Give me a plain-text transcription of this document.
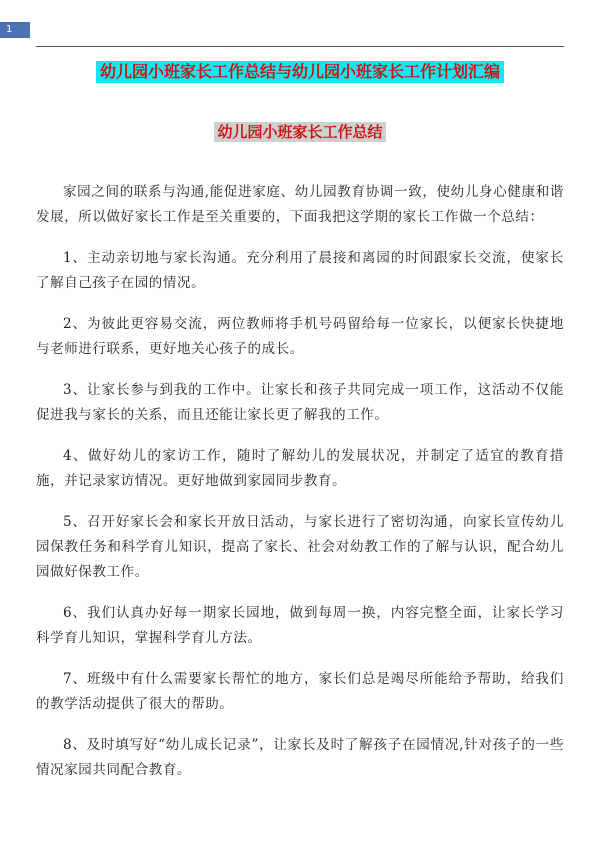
1
幼儿园小班家长工作总结与幼儿园小班家长工作计划汇编
幼儿园小班家长工作总结

家园之间的联系与沟通,能促进家庭、幼儿园教育协调一致，使幼儿身心健康和谐发展，所以做好家长工作是至关重要的，下面我把这学期的家长工作做一个总结：

1、主动亲切地与家长沟通。充分利用了晨接和离园的时间跟家长交流，使家长了解自己孩子在园的情况。

2、为彼此更容易交流，两位教师将手机号码留给每一位家长，以便家长快捷地与老师进行联系，更好地关心孩子的成长。

3、让家长参与到我的工作中。让家长和孩子共同完成一项工作，这活动不仅能促进我与家长的关系，而且还能让家长更了解我的工作。

4、做好幼儿的家访工作，随时了解幼儿的发展状况，并制定了适宜的教育措施，并记录家访情况。更好地做到家园同步教育。

5、召开好家长会和家长开放日活动，与家长进行了密切沟通，向家长宣传幼儿园保教任务和科学育儿知识，提高了家长、社会对幼教工作的了解与认识，配合幼儿园做好保教工作。

6、我们认真办好每一期家长园地，做到每周一换，内容完整全面，让家长学习科学育儿知识，掌握科学育儿方法。

7、班级中有什么需要家长帮忙的地方，家长们总是竭尽所能给予帮助，给我们的教学活动提供了很大的帮助。

8、及时填写好“幼儿成长记录”，让家长及时了解孩子在园情况,针对孩子的一些情况家园共同配合教育。
